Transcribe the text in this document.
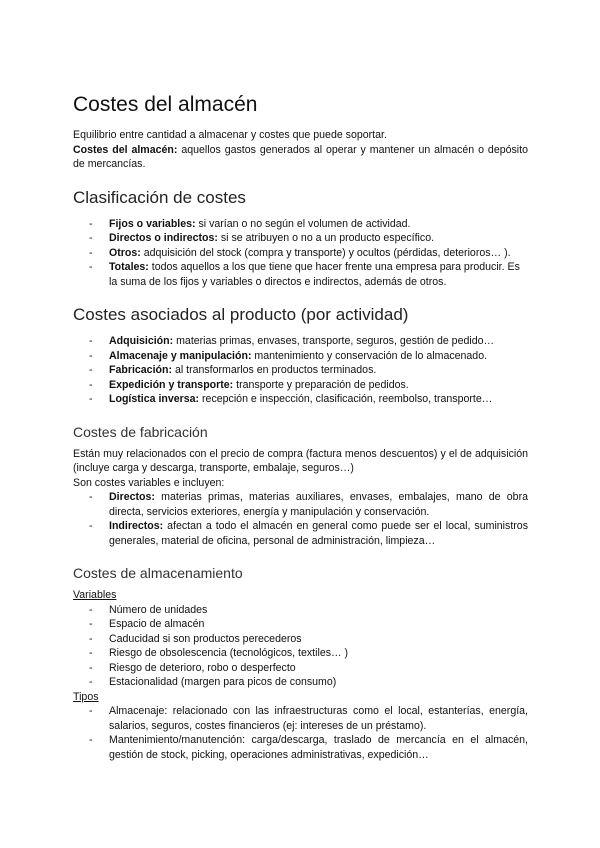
Costes del almacén

Equilibrio entre cantidad a almacenar y costes que puede soportar.

Costes del almacén: aquellos gastos generados al operar y mantener un almacén o depósito de mercancías.

Clasificación de costes
- Fijos o variables: si varían o no según el volumen de actividad.
- Directos o indirectos: si se atribuyen o no a un producto específico.
- Otros: adquisición del stock (compra y transporte) y ocultos (pérdidas, deterioros… ).
- Totales: todos aquellos a los que tiene que hacer frente una empresa para producir. Es la suma de los fijos y variables o directos e indirectos, además de otros.
Costes asociados al producto (por actividad)
- Adquisición: materias primas, envases, transporte, seguros, gestión de pedido…
- Almacenaje y manipulación: mantenimiento y conservación de lo almacenado.
- Fabricación: al transformarlos en productos terminados.
- Expedición y transporte: transporte y preparación de pedidos.
- Logística inversa: recepción e inspección, clasificación, reembolso, transporte…
Costes de fabricación

Están muy relacionados con el precio de compra (factura menos descuentos) y el de adquisición (incluye carga y descarga, transporte, embalaje, seguros…)

Son costes variables e incluyen:

- Directos: materias primas, materias auxiliares, envases, embalajes, mano de obra directa, servicios exteriores, energía y manipulación y conservación.
- Indirectos: afectan a todo el almacén en general como puede ser el local, suministros generales, material de oficina, personal de administración, limpieza…
Costes de almacenamiento
Variables
- Número de unidades
- Espacio de almacén
- Caducidad si son productos perecederos
- Riesgo de obsolescencia (tecnológicos, textiles… )
- Riesgo de deterioro, robo o desperfecto
- Estacionalidad (margen para picos de consumo)
Tipos
- Almacenaje: relacionado con las infraestructuras como el local, estanterías, energía, salarios, seguros, costes financieros (ej: intereses de un préstamo).
- Mantenimiento/manutención: carga/descarga, traslado de mercancía en el almacén, gestión de stock, picking, operaciones administrativas, expedición…
